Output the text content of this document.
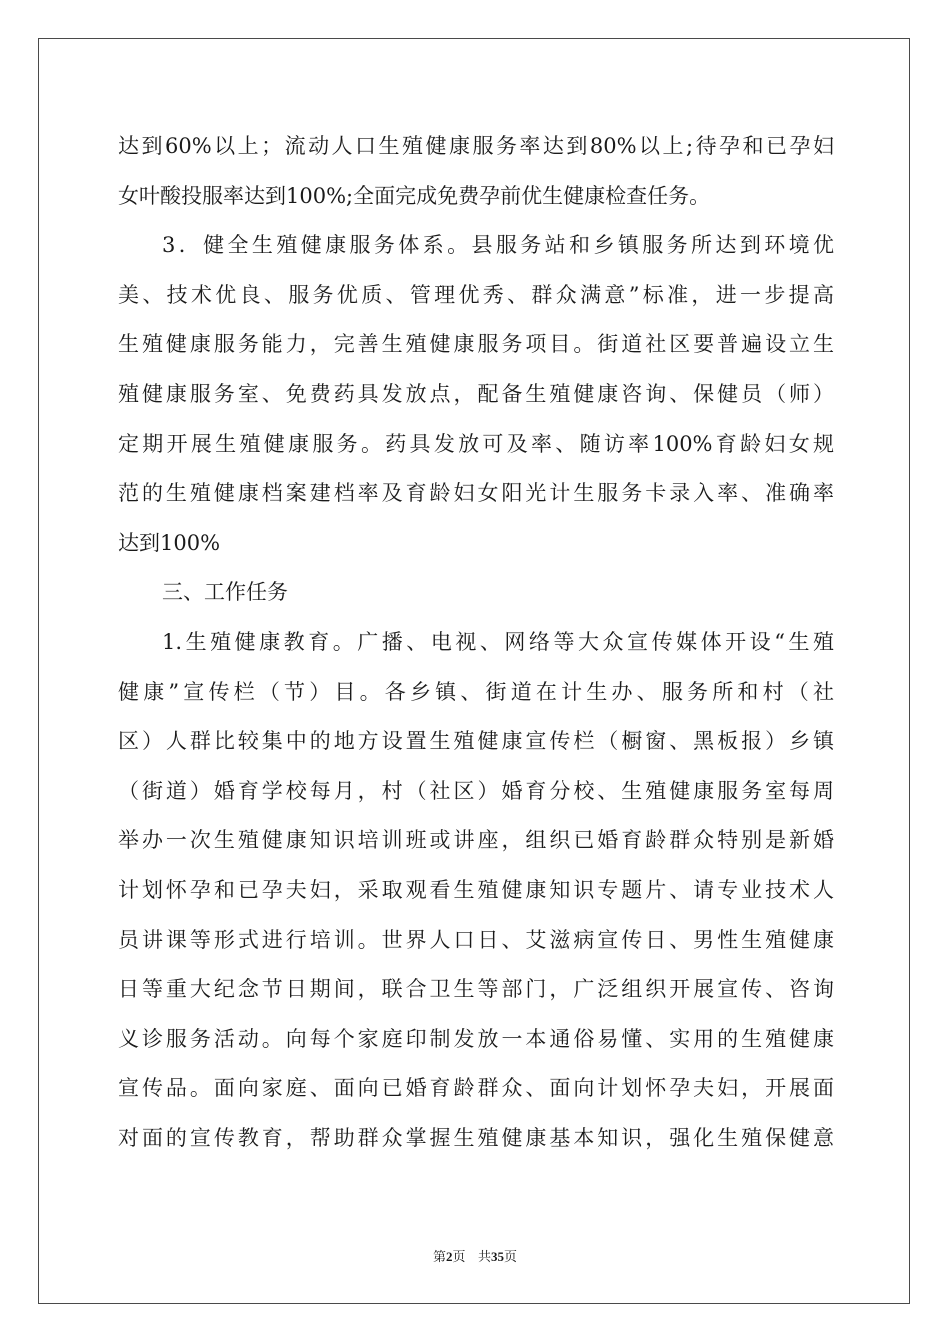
达到60%以上；流动人口生殖健康服务率达到80%以上;待孕和已孕妇
女叶酸投服率达到100%;全面完成免费孕前优生健康检查任务。
3．健全生殖健康服务体系。县服务站和乡镇服务所达到环境优
美、技术优良、服务优质、管理优秀、群众满意”标准，进一步提高
生殖健康服务能力，完善生殖健康服务项目。街道社区要普遍设立生
殖健康服务室、免费药具发放点，配备生殖健康咨询、保健员（师）
定期开展生殖健康服务。药具发放可及率、随访率100%育龄妇女规
范的生殖健康档案建档率及育龄妇女阳光计生服务卡录入率、准确率
达到100%
三、工作任务
1.生殖健康教育。广播、电视、网络等大众宣传媒体开设“生殖
健康”宣传栏（节）目。各乡镇、街道在计生办、服务所和村（社
区）人群比较集中的地方设置生殖健康宣传栏（橱窗、黑板报）乡镇
（街道）婚育学校每月，村（社区）婚育分校、生殖健康服务室每周
举办一次生殖健康知识培训班或讲座，组织已婚育龄群众特别是新婚
计划怀孕和已孕夫妇，采取观看生殖健康知识专题片、请专业技术人
员讲课等形式进行培训。世界人口日、艾滋病宣传日、男性生殖健康
日等重大纪念节日期间，联合卫生等部门，广泛组织开展宣传、咨询
义诊服务活动。向每个家庭印制发放一本通俗易懂、实用的生殖健康
宣传品。面向家庭、面向已婚育龄群众、面向计划怀孕夫妇，开展面
对面的宣传教育，帮助群众掌握生殖健康基本知识，强化生殖保健意
第2页 共35页
